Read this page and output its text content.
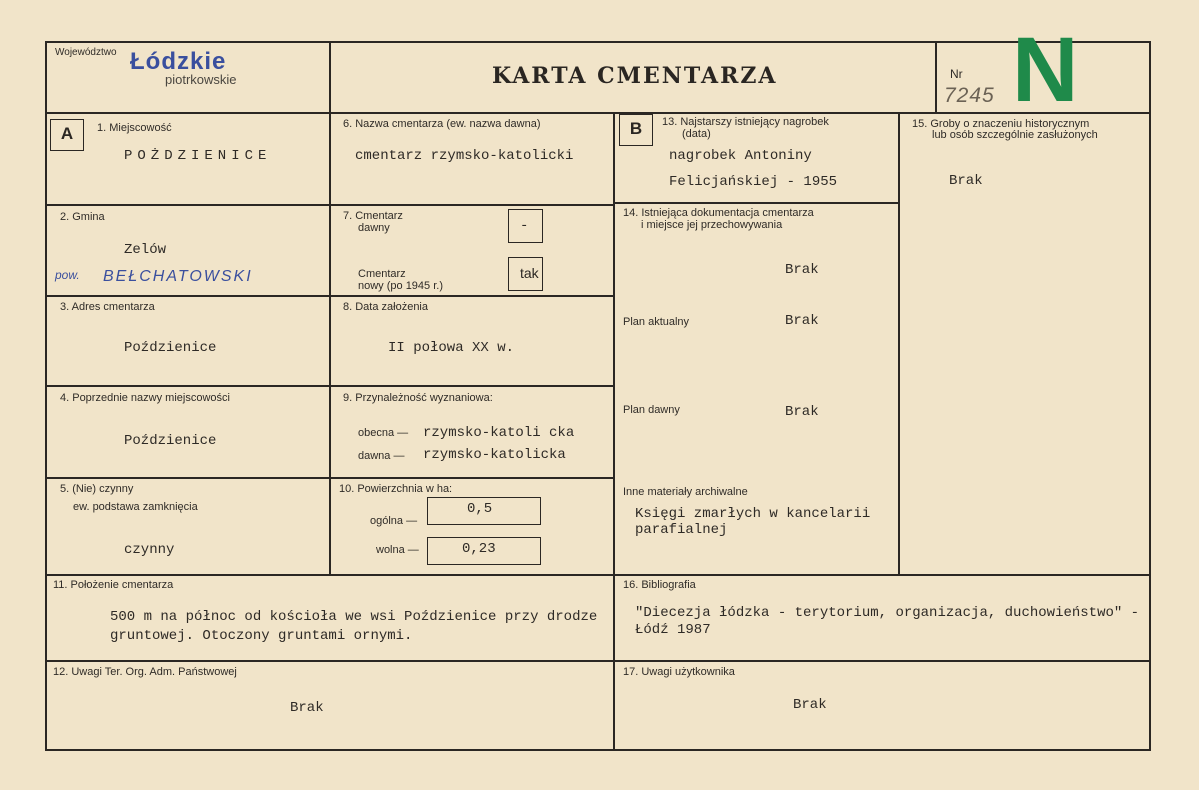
Województwo Łódzkie
piotrkowskie	KARTA CMENTARZA	Nr
7245 N
A	B
1. Miejscowość
POŻDZIENICE
2. Gmina
Zelów
pow. BEŁCHATOWSKI
3. Adres cmentarza
Poździenice
4. Poprzednie nazwy miejscowości
Poździenice
5. (Nie) czynny
ew. podstawa zamknięcia
czynny
6. Nazwa cmentarza (ew. nazwa dawna)
cmentarz rzymsko-katolicki
7. Cmentarz
dawny	-
Cmentarz
nowy (po 1945 r.)
tak
8. Data założenia
II połowa XX w.
9. Przynależność wyznaniowa:
obecna — rzymsko-katoli cka
dawna — rzymsko-katolicka
10. Powierzchnia w ha:
ogólna —
0,5
wolna —	0,23
11. Położenie cmentarza
500 m na północ od kościoła we wsi Poździenice przy drodze
gruntowej. Otoczony gruntami ornymi.
12. Uwagi Ter. Org. Adm. Państwowej
Brak
13. Najstarszy istniejący nagrobek
(data)
nagrobek Antoniny
Felicjańskiej - 1955
14. Istniejąca dokumentacja cmentarza
i miejsce jej przechowywania
Brak
Plan aktualny	Brak
Plan dawny	Brak
Inne materiały archiwalne
Księgi zmarłych w kancelarii
parafialnej
15. Groby o znaczeniu historycznym
lub osób szczególnie zasłużonych
Brak
16. Bibliografia
"Diecezja łódzka - terytorium, organizacja, duchowieństwo" -
Łódź 1987
17. Uwagi użytkownika
Brak
